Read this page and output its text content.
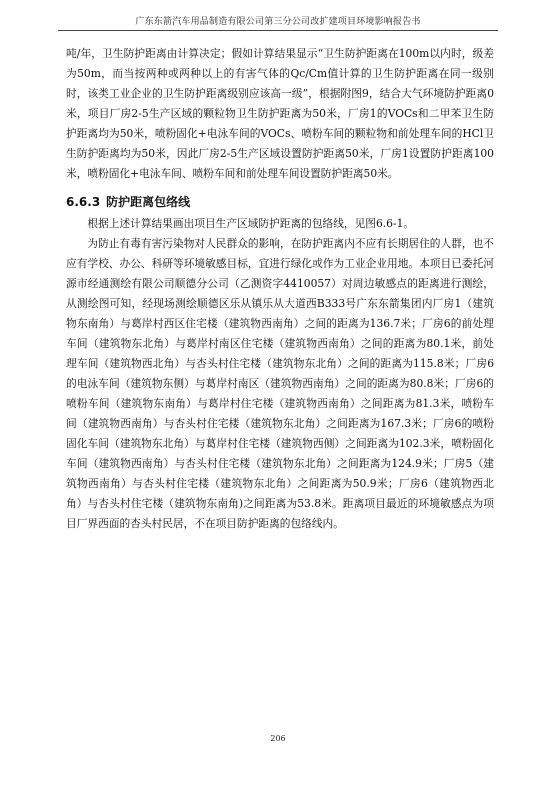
广东东箭汽车用品制造有限公司第三分公司改扩建项目环境影响报告书

吨/年，卫生防护距离由计算决定；假如计算结果显示“卫生防护距离在100m以内时，级差为50m，而当按两种或两种以上的有害气体的Qc/Cm值计算的卫生防护距离在同一级别时，该类工业企业的卫生防护距离级别应该高一级”，根据附图9，结合大气环境防护距离0米，项目厂房2-5生产区域的颗粒物卫生防护距离为50米，厂房1的VOCs和二甲苯卫生防护距离均为50米，喷粉固化+电泳车间的VOCs、喷粉车间的颗粒物和前处理车间的HCl卫生防护距离均为50米，因此厂房2-5生产区域设置防护距离50米，厂房1设置防护距离100米，喷粉固化+电泳车间、喷粉车间和前处理车间设置防护距离50米。

6.6.3 防护距离包络线

根据上述计算结果画出项目生产区域防护距离的包络线，见图6.6-1。

为防止有毒有害污染物对人民群众的影响，在防护距离内不应有长期居住的人群，也不应有学校、办公、科研等环境敏感目标，宜进行绿化或作为工业企业用地。本项目已委托河源市经通测绘有限公司顺德分公司（乙测资字4410057）对周边敏感点的距离进行测绘，从测绘图可知，经现场测绘顺德区乐从镇乐从大道西B333号广东东箭集团内厂房1（建筑物东南角）与葛岸村西区住宅楼（建筑物西南角）之间的距离为136.7米；厂房6的前处理车间（建筑物东北角）与葛岸村南区住宅楼（建筑物西南角）之间的距离为80.1米，前处理车间（建筑物西北角）与杏头村住宅楼（建筑物东北角）之间的距离为115.8米；厂房6的电泳车间（建筑物东侧）与葛岸村南区（建筑物西南角）之间的距离为80.8米；厂房6的喷粉车间（建筑物东南角）与葛岸村住宅楼（建筑物西南角）之间距离为81.3米，喷粉车间（建筑物西南角）与杏头村住宅楼（建筑物东北角）之间距离为167.3米；厂房6的喷粉固化车间（建筑物东北角）与葛岸村住宅楼（建筑物西侧）之间距离为102.3米，喷粉固化车间（建筑物西南角）与杏头村住宅楼（建筑物东北角）之间距离为124.9米；厂房5（建筑物西南角）与杏头村住宅楼（建筑物东北角）之间距离为50.9米；厂房6（建筑物西北角）与杏头村住宅楼（建筑物东南角)之间距离为53.8米。距离项目最近的环境敏感点为项目厂界西面的杏头村民居，不在项目防护距离的包络线内。

206
